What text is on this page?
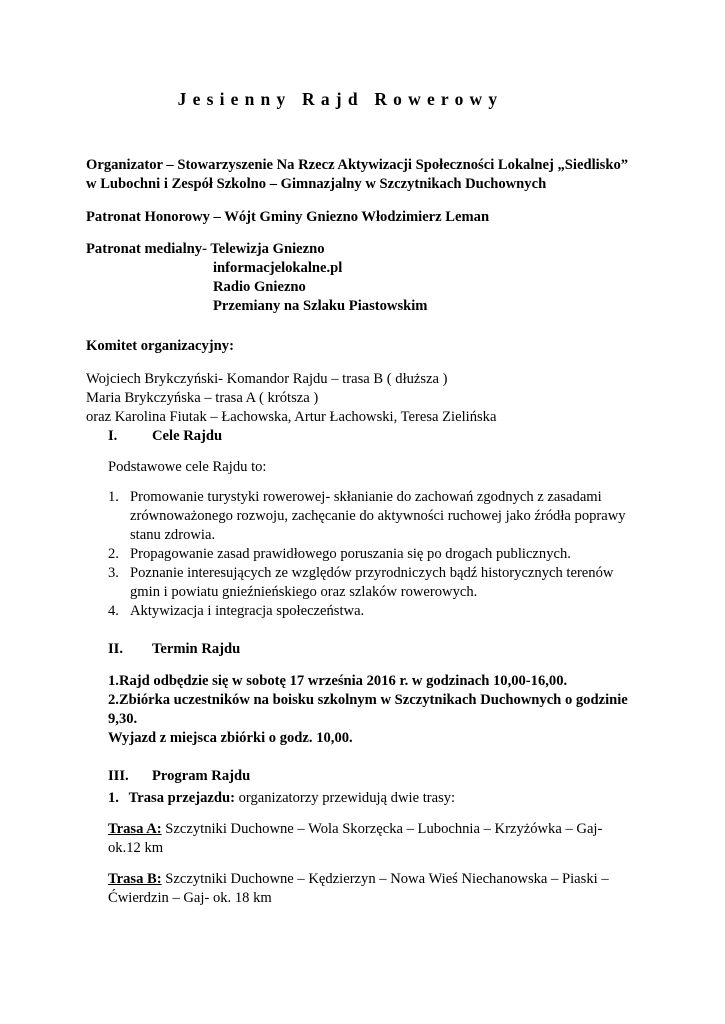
Jesienny Rajd Rowerowy
Organizator – Stowarzyszenie Na Rzecz Aktywizacji Społeczności Lokalnej „Siedlisko”
w Lubochni i Zespół Szkolno – Gimnazjalny w Szczytnikach Duchownych
Patronat Honorowy – Wójt Gminy Gniezno Włodzimierz Leman
Patronat medialny- Telewizja Gniezno
informacjelokalne.pl
Radio Gniezno
Przemiany na Szlaku Piastowskim
Komitet organizacyjny:
Wojciech Brykczyński- Komandor Rajdu – trasa B ( dłuższa )
Maria Brykczyńska – trasa A ( krótsza )
oraz Karolina Fiutak – Łachowska, Artur Łachowski, Teresa Zielińska
I. Cele Rajdu
Podstawowe cele Rajdu to:
1. Promowanie turystyki rowerowej- skłanianie do zachowań zgodnych z zasadami
zrównoważonego rozwoju, zachęcanie do aktywności ruchowej jako źródła poprawy
stanu zdrowia.
2. Propagowanie zasad prawidłowego poruszania się po drogach publicznych.
3. Poznanie interesujących ze względów przyrodniczych bądź historycznych terenów
gmin i powiatu gnieźnieńskiego oraz szlaków rowerowych.
4. Aktywizacja i integracja społeczeństwa.
II. Termin Rajdu
1.Rajd odbędzie się w sobotę 17 września 2016 r. w godzinach 10,00-16,00.
2.Zbiórka uczestników na boisku szkolnym w Szczytnikach Duchownych o godzinie
9,30.
Wyjazd z miejsca zbiórki o godz. 10,00.
III. Program Rajdu
1. Trasa przejazdu: organizatorzy przewidują dwie trasy:
Trasa A: Szczytniki Duchowne – Wola Skorzęcka – Lubochnia – Krzyżówka – Gaj-
ok.12 km
Trasa B: Szczytniki Duchowne – Kędzierzyn – Nowa Wieś Niechanowska – Piaski –
Ćwierdzin – Gaj- ok. 18 km
